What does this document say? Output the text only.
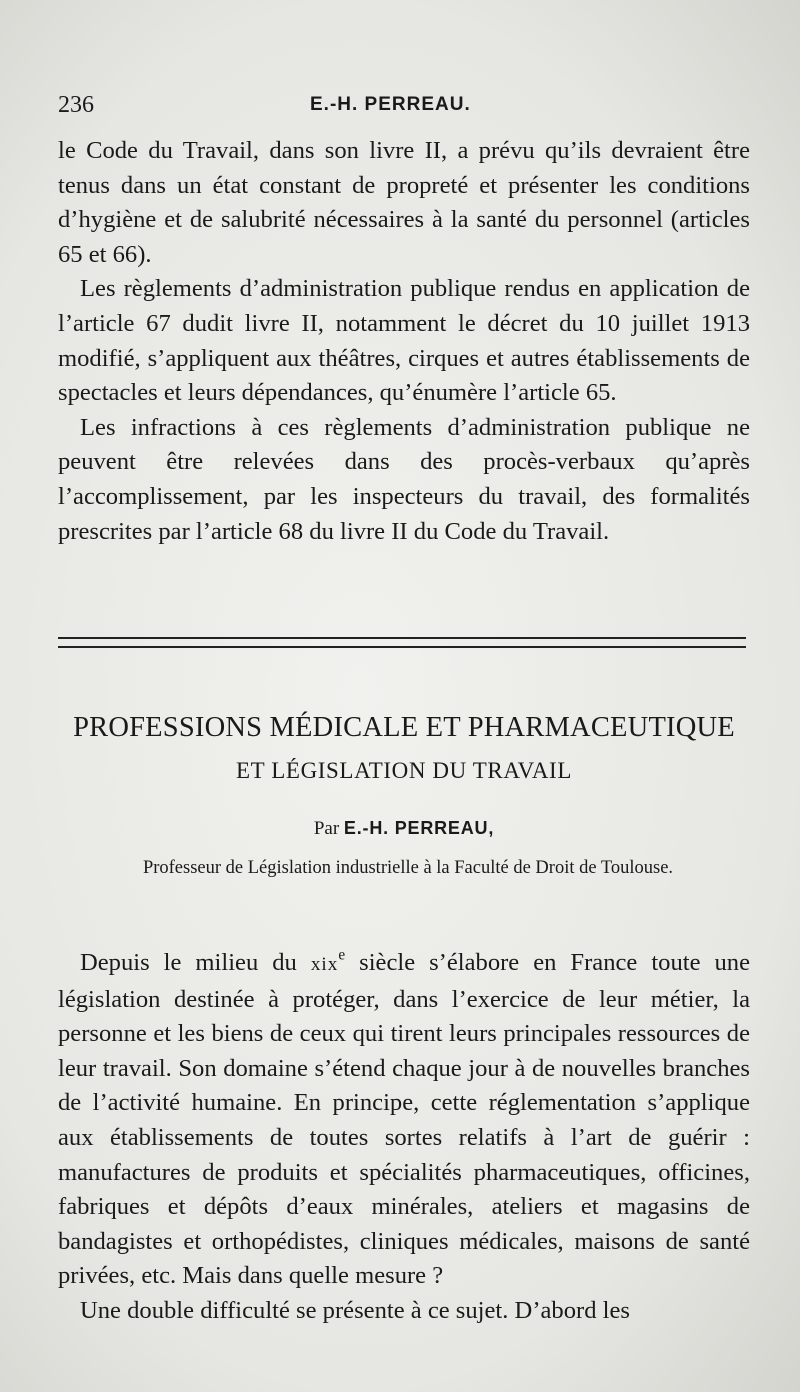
236	E.-H. PERREAU.

le Code du Travail, dans son livre II, a prévu qu’ils devraient être tenus dans un état constant de propreté et présenter les conditions d’hygiène et de salubrité nécessaires à la santé du personnel (articles 65 et 66).

Les règlements d’administration publique rendus en application de l’article 67 dudit livre II, notamment le décret du 10 juillet 1913 modifié, s’appliquent aux théâtres, cirques et autres établissements de spectacles et leurs dépendances, qu’énumère l’article 65.

Les infractions à ces règlements d’administration publique ne peuvent être relevées dans des procès-verbaux qu’après l’accomplissement, par les inspecteurs du travail, des formalités prescrites par l’article 68 du livre II du Code du Travail.

PROFESSIONS MÉDICALE ET PHARMACEUTIQUE
ET LÉGISLATION DU TRAVAIL
Par E.-H. PERREAU,
Professeur de Législation industrielle à la Faculté de Droit de Toulouse.

Depuis le milieu du xix$^e$ siècle s’élabore en France toute une législation destinée à protéger, dans l’exercice de leur métier, la personne et les biens de ceux qui tirent leurs principales ressources de leur travail. Son domaine s’étend chaque jour à de nouvelles branches de l’activité humaine. En principe, cette réglementation s’applique aux établissements de toutes sortes relatifs à l’art de guérir : manufactures de produits et spécialités pharmaceutiques, officines, fabriques et dépôts d’eaux minérales, ateliers et magasins de bandagistes et orthopédistes, cliniques médicales, maisons de santé privées, etc. Mais dans quelle mesure ?

Une double difficulté se présente à ce sujet. D’abord les
